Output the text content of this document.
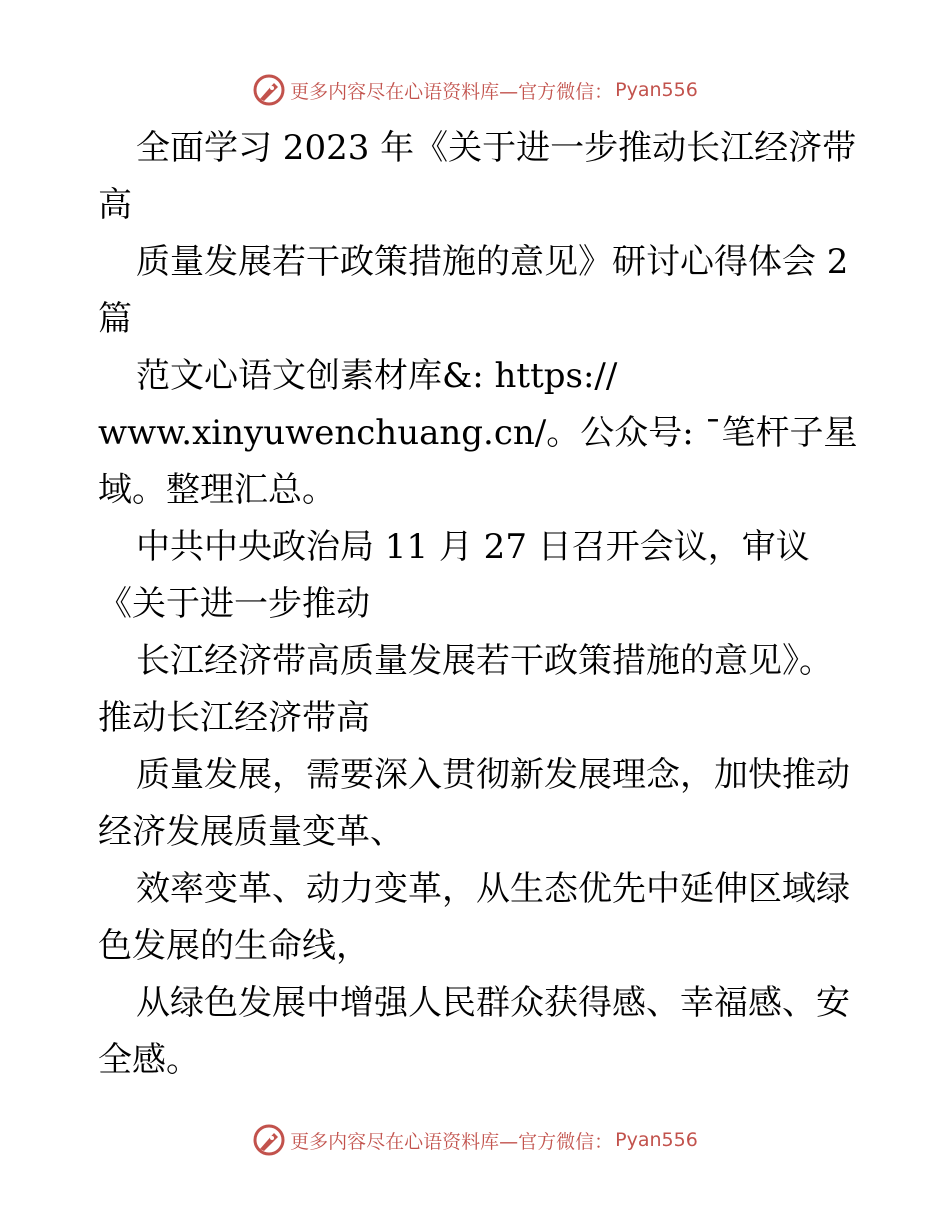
更多内容尽在心语资料库—官方微信： Pyan556
全面学习 2023 年《关于进一步推动长江经济带
高
质量发展若干政策措施的意见》研讨心得体会 2
篇
范文心语文创素材库&: https://
www.xinyuwenchuang.cn/。公众号: ¯笔杆子星
域。整理汇总。
中共中央政治局 11 月 27 日召开会议，审议
《关于进一步推动
长江经济带高质量发展若干政策措施的意见》。
推动长江经济带高
质量发展，需要深入贯彻新发展理念，加快推动
经济发展质量变革、
效率变革、动力变革，从生态优先中延伸区域绿
色发展的生命线，
从绿色发展中增强人民群众获得感、幸福感、安
全感。
更多内容尽在心语资料库—官方微信： Pyan556
